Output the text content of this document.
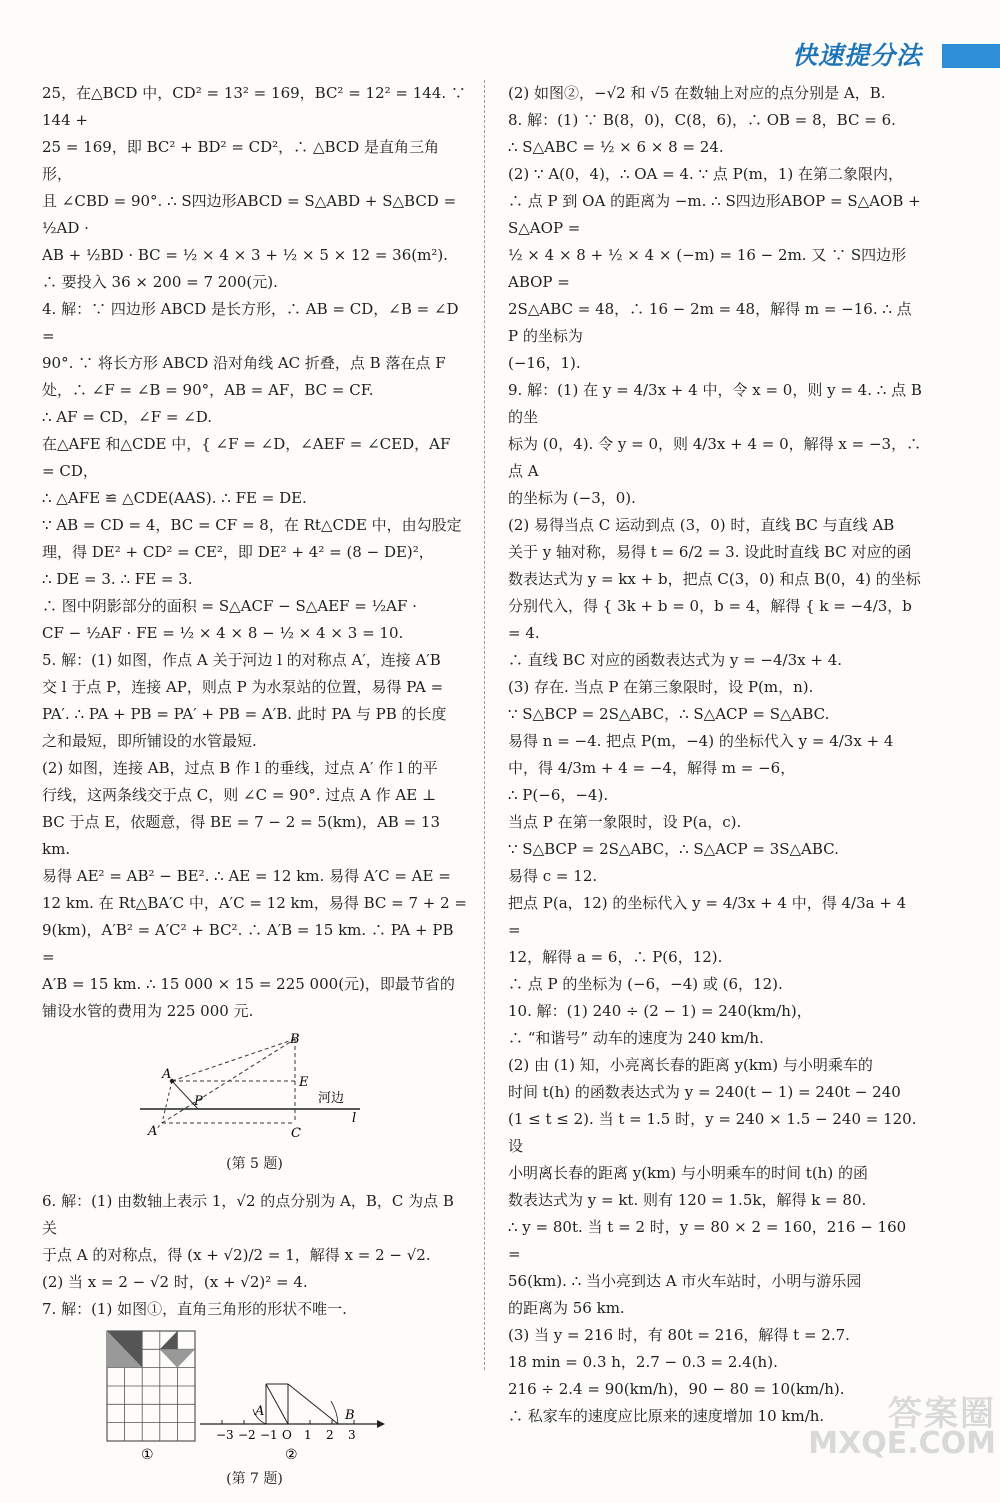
快速提分法

25，在△BCD 中，CD² = 13² = 169，BC² = 12² = 144. ∵ 144 +

25 = 169，即 BC² + BD² = CD²，∴ △BCD 是直角三角形，

且 ∠CBD = 90°. ∴ S四边形ABCD = S△ABD + S△BCD = ½AD ·

AB + ½BD · BC = ½ × 4 × 3 + ½ × 5 × 12 = 36(m²).

∴ 要投入 36 × 200 = 7 200(元).

4. 解：∵ 四边形 ABCD 是长方形，∴ AB = CD，∠B = ∠D =

90°. ∵ 将长方形 ABCD 沿对角线 AC 折叠，点 B 落在点 F

处，∴ ∠F = ∠B = 90°，AB = AF，BC = CF.

∴ AF = CD，∠F = ∠D.

在△AFE 和△CDE 中，{ ∠F = ∠D，∠AEF = ∠CED，AF = CD，

∴ △AFE ≌ △CDE(AAS). ∴ FE = DE.

∵ AB = CD = 4，BC = CF = 8，在 Rt△CDE 中，由勾股定

理，得 DE² + CD² = CE²，即 DE² + 4² = (8 − DE)²，

∴ DE = 3. ∴ FE = 3.

∴ 图中阴影部分的面积 = S△ACF − S△AEF = ½AF ·

CF − ½AF · FE = ½ × 4 × 8 − ½ × 4 × 3 = 10.

5. 解：(1) 如图，作点 A 关于河边 l 的对称点 A′，连接 A′B

交 l 于点 P，连接 AP，则点 P 为水泵站的位置，易得 PA =

PA′. ∴ PA + PB = PA′ + PB = A′B. 此时 PA 与 PB 的长度

之和最短，即所铺设的水管最短.

(2) 如图，连接 AB，过点 B 作 l 的垂线，过点 A′ 作 l 的平

行线，这两条线交于点 C，则 ∠C = 90°. 过点 A 作 AE ⊥

BC 于点 E，依题意，得 BE = 7 − 2 = 5(km)，AB = 13 km.

易得 AE² = AB² − BE². ∴ AE = 12 km. 易得 A′C = AE =

12 km. 在 Rt△BA′C 中，A′C = 12 km，易得 BC = 7 + 2 =

9(km)，A′B² = A′C² + BC². ∴ A′B = 15 km. ∴ PA + PB =

A′B = 15 km. ∴ 15 000 × 15 = 225 000(元)，即最节省的

铺设水管的费用为 225 000 元.

A
B
E
P
A′	C
l
河边
(第 5 题)

6. 解：(1) 由数轴上表示 1，√2 的点分别为 A，B，C 为点 B 关

于点 A 的对称点，得 (x + √2)/2 = 1，解得 x = 2 − √2.

(2) 当 x = 2 − √2 时，(x + √2)² = 4.

7. 解：(1) 如图①，直角三角形的形状不唯一.

①
−3 −2 −1 O 1 2 3
A	B
②
(第 7 题)

(2) 如图②，−√2 和 √5 在数轴上对应的点分别是 A，B.

8. 解：(1) ∵ B(8，0)，C(8，6)，∴ OB = 8，BC = 6.

∴ S△ABC = ½ × 6 × 8 = 24.

(2) ∵ A(0，4)，∴ OA = 4. ∵ 点 P(m，1) 在第二象限内，

∴ 点 P 到 OA 的距离为 −m. ∴ S四边形ABOP = S△AOB + S△AOP =

½ × 4 × 8 + ½ × 4 × (−m) = 16 − 2m. 又 ∵ S四边形ABOP =

2S△ABC = 48，∴ 16 − 2m = 48，解得 m = −16. ∴ 点 P 的坐标为

(−16，1).

9. 解：(1) 在 y = 4/3x + 4 中，令 x = 0，则 y = 4. ∴ 点 B 的坐

标为 (0，4). 令 y = 0，则 4/3x + 4 = 0，解得 x = −3，∴ 点 A

的坐标为 (−3，0).

(2) 易得当点 C 运动到点 (3，0) 时，直线 BC 与直线 AB

关于 y 轴对称，易得 t = 6/2 = 3. 设此时直线 BC 对应的函

数表达式为 y = kx + b，把点 C(3，0) 和点 B(0，4) 的坐标

分别代入，得 { 3k + b = 0，b = 4，解得 { k = −4/3，b = 4.

∴ 直线 BC 对应的函数表达式为 y = −4/3x + 4.

(3) 存在. 当点 P 在第三象限时，设 P(m，n).

∵ S△BCP = 2S△ABC，∴ S△ACP = S△ABC.

易得 n = −4. 把点 P(m，−4) 的坐标代入 y = 4/3x + 4

中，得 4/3m + 4 = −4，解得 m = −6，

∴ P(−6，−4).

当点 P 在第一象限时，设 P(a，c).

∵ S△BCP = 2S△ABC，∴ S△ACP = 3S△ABC.

易得 c = 12.

把点 P(a，12) 的坐标代入 y = 4/3x + 4 中，得 4/3a + 4 =

12，解得 a = 6，∴ P(6，12).

∴ 点 P 的坐标为 (−6，−4) 或 (6，12).

10. 解：(1) 240 ÷ (2 − 1) = 240(km/h)，

∴ “和谐号” 动车的速度为 240 km/h.

(2) 由 (1) 知，小亮离长春的距离 y(km) 与小明乘车的

时间 t(h) 的函数表达式为 y = 240(t − 1) = 240t − 240

(1 ≤ t ≤ 2). 当 t = 1.5 时，y = 240 × 1.5 − 240 = 120. 设

小明离长春的距离 y(km) 与小明乘车的时间 t(h) 的函

数表达式为 y = kt. 则有 120 = 1.5k，解得 k = 80.

∴ y = 80t. 当 t = 2 时，y = 80 × 2 = 160，216 − 160 =

56(km). ∴ 当小亮到达 A 市火车站时，小明与游乐园

的距离为 56 km.

(3) 当 y = 216 时，有 80t = 216，解得 t = 2.7.

18 min = 0.3 h，2.7 − 0.3 = 2.4(h).

216 ÷ 2.4 = 90(km/h)，90 − 80 = 10(km/h).

∴ 私家车的速度应比原来的速度增加 10 km/h.	答案圈
MXQE.COM
